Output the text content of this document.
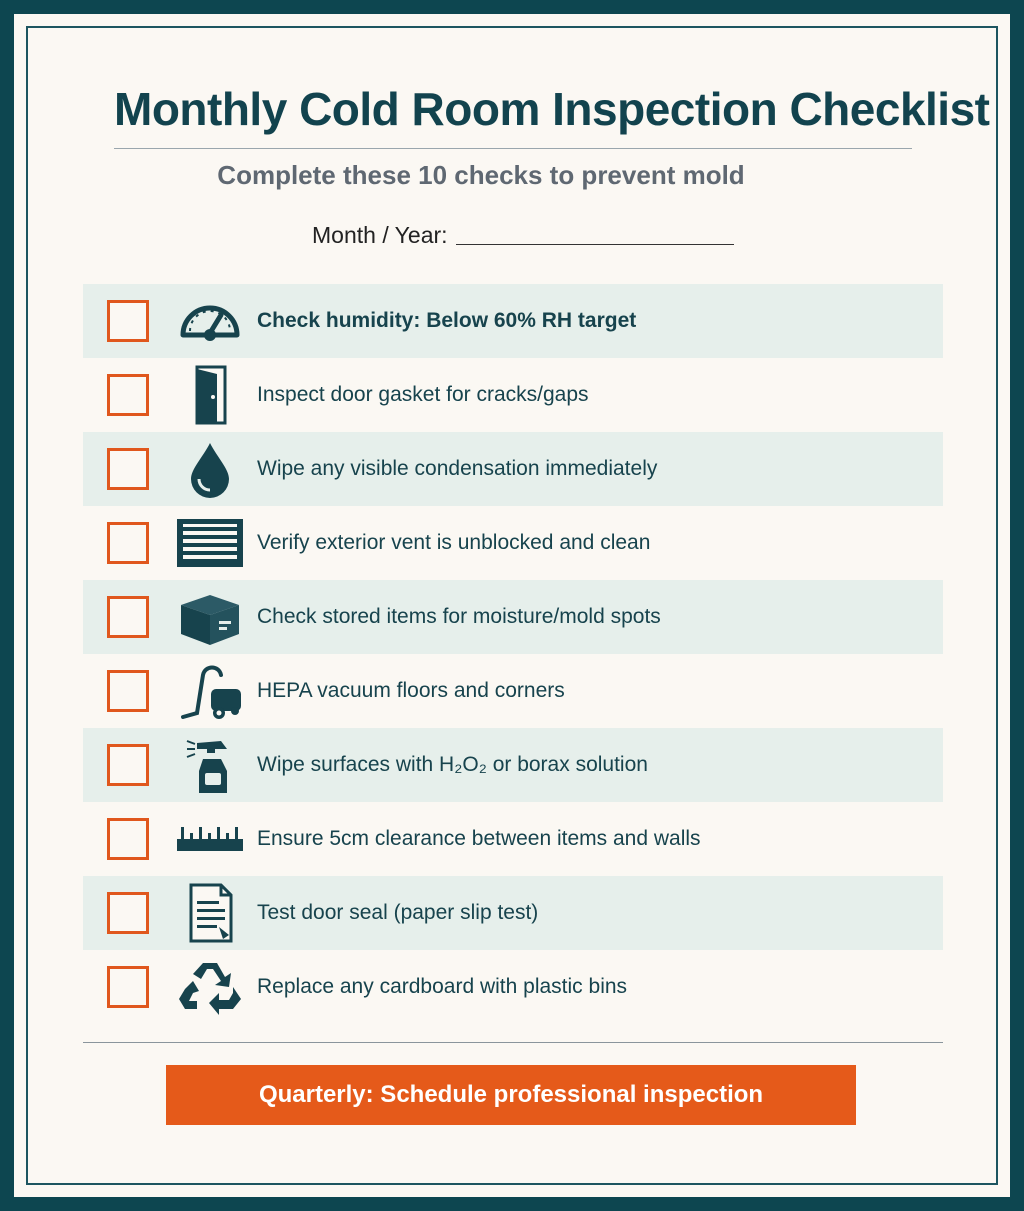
Monthly Cold Room Inspection Checklist
Complete these 10 checks to prevent mold
Month / Year:
Check humidity: Below 60% RH target
Inspect door gasket for cracks/gaps
Wipe any visible condensation immediately
Verify exterior vent is unblocked and clean
Check stored items for moisture/mold spots
HEPA vacuum floors and corners
Wipe surfaces with H₂O₂ or borax solution
Ensure 5cm clearance between items and walls
Test door seal (paper slip test)
Replace any cardboard with plastic bins
Quarterly: Schedule professional inspection
